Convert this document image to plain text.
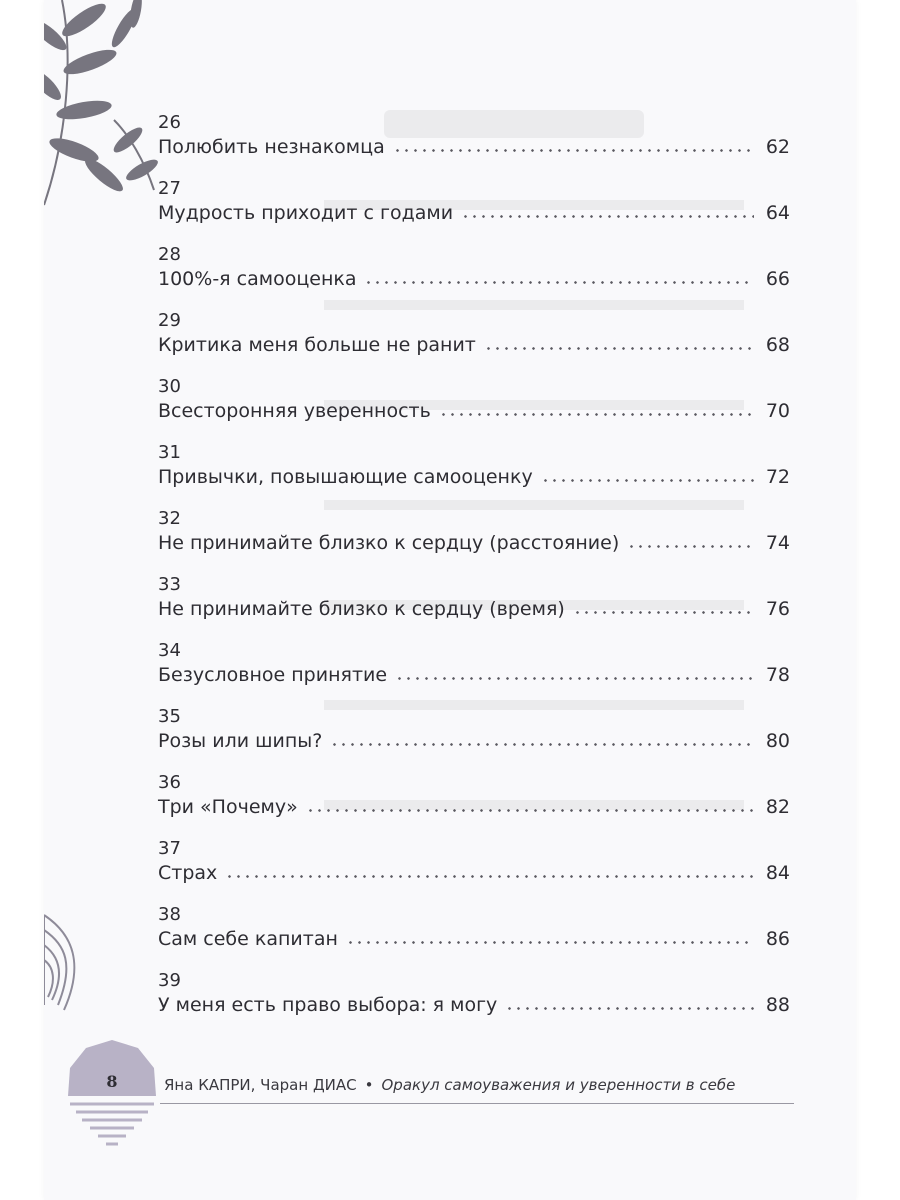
26
Полюбить незнакомца	62
27
Мудрость приходит с годами	64
28
100%-я самооценка	66
29
Критика меня больше не ранит	68
30
Всесторонняя уверенность	70
31
Привычки, повышающие самооценку	72
32
Не принимайте близко к сердцу (расстояние)	74
33
Не принимайте близко к сердцу (время)	76
34
Безусловное принятие	78
35
Розы или шипы?	80
36
Три «Почему»	82
37
Страх	84
38
Сам себе капитан	86
39
У меня есть право выбора: я могу	88
8	Яна КАПРИ, Чаран ДИАС • Оракул самоуважения и уверенности в себе
